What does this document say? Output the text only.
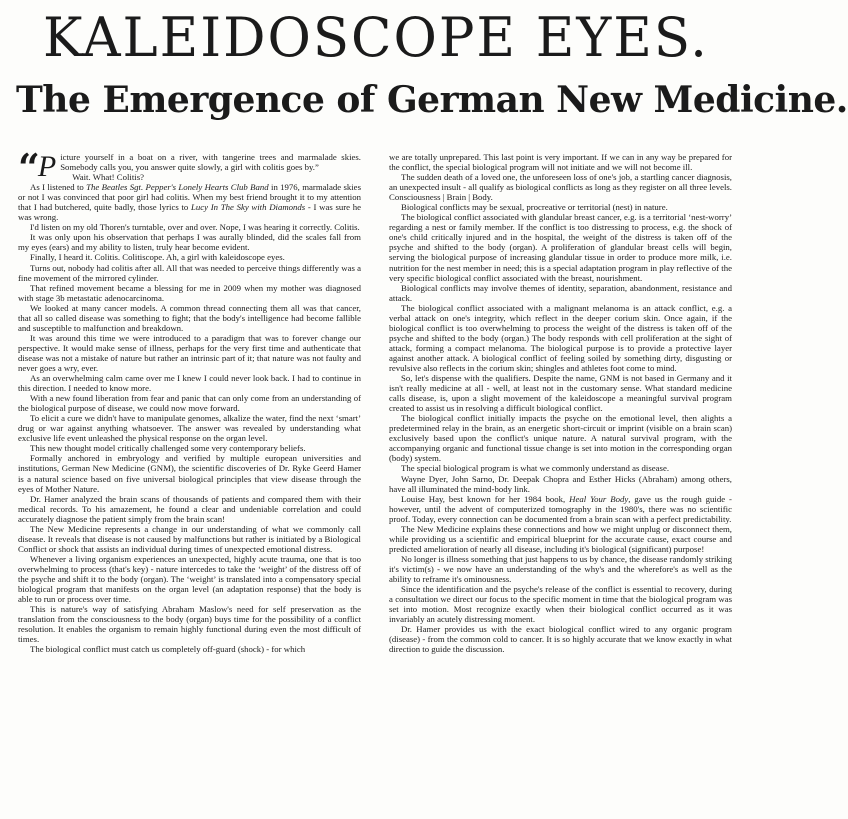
KALEIDOSCOPE EYES.
The Emergence of German New Medicine.

“ P icture yourself in a boat on a river, with tangerine trees and marmalade skies. Somebody calls you, you answer quite slowly, a girl with colitis goes by.”

Wait. What! Colitis?

As I listened to The Beatles Sgt. Pepper's Lonely Hearts Club Band in 1976, marmalade skies or not I was convinced that poor girl had colitis. When my best friend brought it to my attention that I had butchered, quite badly, those lyrics to Lucy In The Sky with Diamonds - I was sure he was wrong.

I'd listen on my old Thoren's turntable, over and over. Nope, I was hearing it correctly. Colitis.

It was only upon his observation that perhaps I was aurally blinded, did the scales fall from my eyes (ears) and my ability to listen, truly hear become evident.

Finally, I heard it. Colitis. Colitiscope. Ah, a girl with kaleidoscope eyes.

Turns out, nobody had colitis after all. All that was needed to perceive things differently was a fine movement of the mirrored cylinder.

That refined movement became a blessing for me in 2009 when my mother was diagnosed with stage 3b metastatic adenocarcinoma.

We looked at many cancer models. A common thread connecting them all was that cancer, that all so called disease was something to fight; that the body's intelligence had become fallible and susceptible to malfunction and breakdown.

It was around this time we were introduced to a paradigm that was to forever change our perspective. It would make sense of illness, perhaps for the very first time and authenticate that disease was not a mistake of nature but rather an intrinsic part of it; that nature was not faulty and never goes a wry, ever.

As an overwhelming calm came over me I knew I could never look back. I had to continue in this direction. I needed to know more.

With a new found liberation from fear and panic that can only come from an understanding of the biological purpose of disease, we could now move forward.

To elicit a cure we didn't have to manipulate genomes, alkalize the water, find the next ‘smart’ drug or war against anything whatsoever. The answer was revealed by understanding what exclusive life event unleashed the physical response on the organ level.

This new thought model critically challenged some very contemporary beliefs.

Formally anchored in embryology and verified by multiple european universities and institutions, German New Medicine (GNM), the scientific discoveries of Dr. Ryke Geerd Hamer is a natural science based on five universal biological principles that view disease through the eyes of Mother Nature.

Dr. Hamer analyzed the brain scans of thousands of patients and compared them with their medical records. To his amazement, he found a clear and undeniable correlation and could accurately diagnose the patient simply from the brain scan!

The New Medicine represents a change in our understanding of what we commonly call disease. It reveals that disease is not caused by malfunctions but rather is initiated by a Biological Conflict or shock that assists an individual during times of unexpected emotional distress.

Whenever a living organism experiences an unexpected, highly acute trauma, one that is too overwhelming to process (that's key) - nature intercedes to take the ‘weight’ of the distress off of the psyche and shift it to the body (organ). The ‘weight’ is translated into a compensatory special biological program that manifests on the organ level (an adaptation response) that the body is able to run or process over time.

This is nature's way of satisfying Abraham Maslow's need for self preservation as the translation from the consciousness to the body (organ) buys time for the possibility of a conflict resolution. It enables the organism to remain highly functional during even the most difficult of times.

The biological conflict must catch us completely off-guard (shock) - for which

we are totally unprepared. This last point is very important. If we can in any way be prepared for the conflict, the special biological program will not initiate and we will not become ill.

The sudden death of a loved one, the unforeseen loss of one's job, a startling cancer diagnosis, an unexpected insult - all qualify as biological conflicts as long as they register on all three levels. Consciousness | Brain | Body.

Biological conflicts may be sexual, procreative or territorial (nest) in nature.

The biological conflict associated with glandular breast cancer, e.g. is a territorial ‘nest-worry’ regarding a nest or family member. If the conflict is too distressing to process, e.g. the shock of one's child critically injured and in the hospital, the weight of the distress is taken off of the psyche and shifted to the body (organ). A proliferation of glandular breast cells will begin, serving the biological purpose of increasing glandular tissue in order to produce more milk, i.e. nutrition for the nest member in need; this is a special adaptation program in play reflective of the very specific biological conflict associated with the breast, nourishment.

Biological conflicts may involve themes of identity, separation, abandonment, resistance and attack.

The biological conflict associated with a malignant melanoma is an attack conflict, e.g. a verbal attack on one's integrity, which reflect in the deeper corium skin. Once again, if the biological conflict is too overwhelming to process the weight of the distress is taken off of the psyche and shifted to the body (organ.) The body responds with cell proliferation at the sight of attack, forming a compact melanoma. The biological purpose is to provide a protective layer against another attack. A biological conflict of feeling soiled by something dirty, disgusting or revulsive also reflects in the corium skin; shingles and athletes foot come to mind.

So, let's dispense with the qualifiers. Despite the name, GNM is not based in Germany and it isn't really medicine at all - well, at least not in the customary sense. What standard medicine calls disease, is, upon a slight movement of the kaleidoscope a meaningful survival program created to assist us in resolving a difficult biological conflict.

The biological conflict initially impacts the psyche on the emotional level, then alights a predetermined relay in the brain, as an energetic short-circuit or imprint (visible on a brain scan) exclusively based upon the conflict's unique nature. A natural survival program, with the accompanying organic and functional tissue change is set into motion in the corresponding organ (body) system.

The special biological program is what we commonly understand as disease.

Wayne Dyer, John Sarno, Dr. Deepak Chopra and Esther Hicks (Abraham) among others, have all illuminated the mind-body link.

Louise Hay, best known for her 1984 book, Heal Your Body, gave us the rough guide - however, until the advent of computerized tomography in the 1980's, there was no scientific proof. Today, every connection can be documented from a brain scan with a perfect predictability.

The New Medicine explains these connections and how we might unplug or disconnect them, while providing us a scientific and empirical blueprint for the accurate cause, exact course and predicted amelioration of nearly all disease, including it's biological (significant) purpose!

No longer is illness something that just happens to us by chance, the disease randomly striking it's victim(s) - we now have an understanding of the why's and the wherefore's as well as the ability to reframe it's ominousness.

Since the identification and the psyche's release of the conflict is essential to recovery, during a consultation we direct our focus to the specific moment in time that the biological program was set into motion. Most recognize exactly when their biological conflict occurred as it was invariably an acutely distressing moment.

Dr. Hamer provides us with the exact biological conflict wired to any organic program (disease) - from the common cold to cancer. It is so highly accurate that we know exactly in what direction to guide the discussion.
